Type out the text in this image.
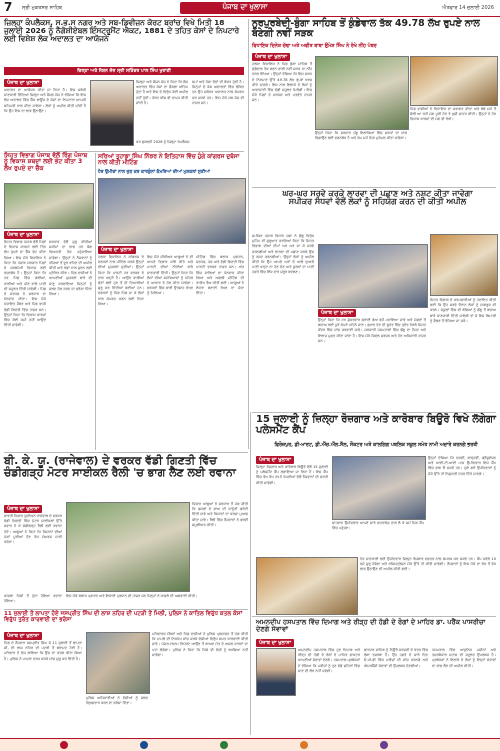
7 ਸ੍ਰੀ ਮੁਕਤਸਰ ਸਾਹਿਬ	ਪੰਜਾਬ ਦਾ ਖੁਲਾਸਾ	ਐਤਵਾਰ 14 ਜੁਲਾਈ 2026
ਜ਼ਿਲ੍ਹਾ ਕੰਪਲੈਕਸ, ਸ.ਭ.ਸ ਨਗਰ ਅਤੇ ਸਬ-ਡਿਵੀਜ਼ਨ ਕੋਰਟ ਬਰਾਂਚ ਵਿਖੇ ਮਿਤੀ 18 ਜੁਲਾਈ 2026 ਨੂੰ ਨੈਗੋਸ਼ੀਏਬਲ ਇੰਸਟ੍ਰੂਮੈਂਟ ਐਕਟ, 1881 ਦੇ ਤਹਿਤ ਕੇਸਾਂ ਦੇ ਨਿਪਟਾਰੇ ਲਈ ਵਿਸ਼ੇਸ਼ ਲੋਕ ਅਦਾਲਤ ਦਾ ਆਯੋਜਨ
ਜ਼ਿਲ੍ਹਾ ਅਤੇ ਸੈਸ਼ਨ ਜੱਜ ਸ੍ਰੀ ਸਤਿੰਦਰ ਪਾਲ ਸਿੰਘ ਖੁਰਾਣੀ
ਪੰਜਾਬ ਦਾ ਖੁਲਾਸਾ
ਅਦਾਲਤ ਦਾ ਆਯੋਜਨ ਕੀਤਾ ਜਾ ਰਿਹਾ ਹੈ। ਇਸ ਸਬੰਧੀ ਜਾਣਕਾਰੀ ਦਿੰਦਿਆਂ ਜ਼ਿਲ੍ਹਾ ਅਤੇ ਸੈਸ਼ਨ ਜੱਜ ਨੇ ਦੱਸਿਆ ਕਿ ਇਸ ਲੋਕ ਅਦਾਲਤ ਵਿੱਚ ਚੈੱਕ ਬਾਊਂਸ ਦੇ ਕੇਸਾਂ ਦਾ ਨਿਪਟਾਰਾ ਆਪਸੀ ਸਹਿਮਤੀ ਨਾਲ ਕੀਤਾ ਜਾਵੇਗਾ। ਲੋਕਾਂ ਨੂੰ ਅਪੀਲ ਕੀਤੀ ਜਾਂਦੀ ਹੈ ਕਿ ਉਹ ਇਸ ਦਾ ਲਾਭ ਉਠਾਉਣ।
ਕਰ ਬੁਕਲਨੀ 2026 ਨੂੰ ਜ਼ਿਲ੍ਹਾ ਕੰਪਲੈਕਸ
ਜ਼ਿਲ੍ਹਾ ਅਤੇ ਸੈਸ਼ਨ ਜੱਜ ਨੇ ਕਿਹਾ ਕਿ ਲੋਕ ਅਦਾਲਤ ਵਿੱਚ ਕੇਸਾਂ ਦਾ ਫ਼ੈਸਲਾ ਅੰਤਿਮ ਹੁੰਦਾ ਹੈ ਅਤੇ ਇਸ ਦੇ ਵਿਰੁੱਧ ਕੋਈ ਅਪੀਲ ਨਹੀਂ ਹੁੰਦੀ। ਕੋਰਟ ਫੀਸ ਵੀ ਵਾਪਸ ਕੀਤੀ ਜਾਂਦੀ ਹੈ।
ਸਮਾਂ ਅਤੇ ਪੈਸਾ ਦੋਵਾਂ ਦੀ ਬੱਚਤ ਹੁੰਦੀ ਹੈ। ਜਿਨ੍ਹਾਂ ਦੇ ਕੇਸ ਅਦਾਲਤਾਂ ਵਿੱਚ ਲੰਬਿਤ ਹਨ ਉਹ ਸਬੰਧਤ ਅਦਾਲਤ ਨਾਲ ਸੰਪਰਕ ਕਰ ਸਕਦੇ ਹਨ। ਇਸ ਮੌਕੇ ਸਬ ਜੱਜ ਵੀ ਹਾਜ਼ਰ ਸਨ।
ਸਿਹਤ ਵਿਭਾਗ ਪੰਜਾਬ ਵੱਲੋਂ ਰਿੰਗ ਪੰਜਾਬ ਨੂੰ ਵਿਕਾਸ ਸ਼ਬਦਾਂ ਲਈ ਭੇਟ ਕੀਤਾ 3 ਲੱਖ ਰੁਪਏ ਦਾ ਚੈੱਕ
ਪੰਜਾਬ ਦਾ ਖੁਲਾਸਾ
ਸਿਹਤ ਵਿਭਾਗ ਪੰਜਾਬ ਵੱਲੋਂ ਪਿੰਡਾਂ ਦੇ ਵਿਕਾਸ ਕਾਰਜਾਂ ਲਈ ਤਿੰਨ ਲੱਖ ਰੁਪਏ ਦਾ ਚੈੱਕ ਭੇਟ ਕੀਤਾ ਗਿਆ। ਇਸ ਮੌਕੇ ਵਿਧਾਇਕ ਨੇ ਕਿਹਾ ਕਿ ਪੰਜਾਬ ਸਰਕਾਰ ਪਿੰਡਾਂ ਦੇ ਸਰਬਪੱਖੀ ਵਿਕਾਸ ਲਈ ਵਚਨਬੱਧ ਹੈ। ਉਨ੍ਹਾਂ ਕਿਹਾ ਕਿ ਹਰ ਪਿੰਡ ਵਿੱਚ ਗਲੀਆਂ, ਨਾਲੀਆਂ ਅਤੇ ਪੀਣ ਵਾਲੇ ਪਾਣੀ ਦੀ ਸਹੂਲਤ ਦਿੱਤੀ ਜਾਵੇਗੀ। ਪਿੰਡ ਦੇ ਸਰਪੰਚ ਨੇ ਸਰਕਾਰ ਦਾ ਧੰਨਵਾਦ ਕੀਤਾ। ਇਸ ਮੌਕੇ ਪੰਚਾਇਤ ਮੈਂਬਰ ਅਤੇ ਪਿੰਡ ਵਾਸੀ ਵੱਡੀ ਗਿਣਤੀ ਵਿੱਚ ਹਾਜ਼ਰ ਸਨ। ਉਨ੍ਹਾਂ ਕਿਹਾ ਕਿ ਵਿਕਾਸ ਕਾਰਜਾਂ ਵਿੱਚ ਕੋਈ ਕਮੀ ਨਹੀਂ ਆਉਣ ਦਿੱਤੀ ਜਾਵੇਗੀ।
ਸਰਕਾਰ ਵੱਲੋਂ ਸ਼ੁਰੂ ਕੀਤੀਆਂ ਸਕੀਮਾਂ ਦਾ ਲਾਭ ਹਰ ਯੋਗ ਵਿਅਕਤੀ ਤੱਕ ਪਹੁੰਚਾਇਆ ਜਾਵੇਗਾ। ਉਨ੍ਹਾਂ ਨੇ ਨੌਜਵਾਨਾਂ ਨੂੰ ਨਸ਼ਿਆਂ ਤੋਂ ਦੂਰ ਰਹਿਣ ਦੀ ਅਪੀਲ ਕੀਤੀ ਅਤੇ ਖੇਡਾਂ ਨਾਲ ਜੁੜਨ ਲਈ ਪ੍ਰੇਰਿਤ ਕੀਤਾ। ਪਿੰਡ ਵਾਸੀਆਂ ਨੇ ਆਪਣੀਆਂ ਮੁਸ਼ਕਲਾਂ ਬਾਰੇ ਵੀ ਜਾਣੂ ਕਰਵਾਇਆ ਜਿਨ੍ਹਾਂ ਨੂੰ ਜਲਦ ਹੱਲ ਕਰਨ ਦਾ ਭਰੋਸਾ ਦਿੱਤਾ ਗਿਆ।
ਸਰਿਆਂ ਤੁਹਾਡਾ ਸਿੰਘ ਨਿੱਝਰ ਨੇ ਇਤਿਹਾਸ ਵਿੱਚ ਹੁੰਗੇ ਕਾਂਗਰਸ ਦੁਬੱਸਾ ਨਾਲ ਕੀਤੀ ਮੀਟਿੰਗ
ਹੋਰ ਉਮੀਦਾਂ ਨਾਲ ਜੁੜ ਕਰ ਕਾਰਕੁੰਨਾਂ ਕੈਮਰਿਆਂ ਦੀਆਂ ਮੁਸ਼ਕਲਾਂ ਸੁਣੀਆਂ
ਪੰਜਾਬ ਦਾ ਖੁਲਾਸਾ
ਹਲਕਾ ਵਿਧਾਇਕ ਨੇ ਕਾਂਗਰਸ ਦੇ ਵਰਕਰਾਂ ਨਾਲ ਮੀਟਿੰਗ ਕਰਕੇ ਉਨ੍ਹਾਂ ਦੀਆਂ ਮੁਸ਼ਕਲਾਂ ਸੁਣੀਆਂ। ਉਨ੍ਹਾਂ ਕਿਹਾ ਕਿ ਪਾਰਟੀ ਹਰ ਵਰਕਰ ਦੇ ਨਾਲ ਖੜ੍ਹੀ ਹੈ। ਆਉਣ ਵਾਲੀਆਂ ਚੋਣਾਂ ਲਈ ਹੁਣ ਤੋਂ ਹੀ ਤਿਆਰੀਆਂ ਸ਼ੁਰੂ ਕਰ ਦਿੱਤੀਆਂ ਗਈਆਂ ਹਨ। ਵਰਕਰਾਂ ਨੂੰ ਪਿੰਡ ਪਿੰਡ ਜਾ ਕੇ ਲੋਕਾਂ ਨਾਲ ਸੰਪਰਕ ਕਰਨ ਲਈ ਕਿਹਾ ਗਿਆ।
ਇਸ ਮੌਕੇ ਸੀਨੀਅਰ ਆਗੂਆਂ ਨੇ ਵੀ ਆਪਣੇ ਵਿਚਾਰ ਸਾਂਝੇ ਕੀਤੇ ਅਤੇ ਪਾਰਟੀ ਦੀਆਂ ਨੀਤੀਆਂ ਬਾਰੇ ਜਾਣਕਾਰੀ ਦਿੱਤੀ। ਉਨ੍ਹਾਂ ਕਿਹਾ ਕਿ ਲੋਕਾਂ ਦੀਆਂ ਸਮੱਸਿਆਵਾਂ ਨੂੰ ਪਹਿਲ ਦੇ ਆਧਾਰ ਤੇ ਹੱਲ ਕੀਤਾ ਜਾਵੇਗਾ। ਵਰਕਰਾਂ ਵਿੱਚ ਭਾਰੀ ਉਤਸ਼ਾਹ ਦੇਖਣ ਨੂੰ ਮਿਲਿਆ।
ਮੀਟਿੰਗ ਵਿੱਚ ਬਲਾਕ ਪ੍ਰਧਾਨ, ਸਰਪੰਚ, ਪੰਚ ਅਤੇ ਵੱਡੀ ਗਿਣਤੀ ਵਿੱਚ ਪਾਰਟੀ ਵਰਕਰ ਹਾਜ਼ਰ ਸਨ। ਅੰਤ ਵਿੱਚ ਸਾਰਿਆਂ ਦਾ ਧੰਨਵਾਦ ਕੀਤਾ ਗਿਆ ਅਤੇ ਅਗਲੀ ਮੀਟਿੰਗ ਦੀ ਤਾਰੀਖ ਤੈਅ ਕੀਤੀ ਗਈ। ਆਗੂਆਂ ਨੇ ਏਕਤਾ ਬਣਾਈ ਰੱਖਣ ਦਾ ਸੱਦਾ ਦਿੱਤਾ।
ਨੂਰਪੁਰਬੇਦੀ-ਬੁੰਗਾ ਸਾਹਿਬ ਤੋਂ ਕੁੰਡੇਵਾਲ ਤੱਕ 49.78 ਲੱਖ ਰੁਪਏ ਨਾਲ ਬਣੇਗੀ ਨਵੀਂ ਸੜਕ
ਵਿਧਾਇਕ ਦਿਨੇਸ਼ ਚੱਢਾ ਅਤੇ ਅਵੀਤ ਬਾਬਾ ਉਮੇਸ਼ ਸਿੰਘ ਨੇ ਰੱਖੇ ਨੀਂਹ ਪੱਥਰ
ਪੰਜਾਬ ਦਾ ਖੁਲਾਸਾ
ਹਲਕਾ ਵਿਧਾਇਕ ਨੇ ਪਿੰਡ ਬੁੰਗਾ ਸਾਹਿਬ ਤੋਂ ਕੁੰਡੇਵਾਲ ਤੱਕ ਬਣਨ ਵਾਲੀ ਨਵੀਂ ਸੜਕ ਦਾ ਨੀਂਹ ਪੱਥਰ ਰੱਖਿਆ। ਉਨ੍ਹਾਂ ਦੱਸਿਆ ਕਿ ਇਸ ਸੜਕ ਦੇ ਨਿਰਮਾਣ ਉੱਤੇ 49.78 ਲੱਖ ਰੁਪਏ ਖਰਚ ਕੀਤੇ ਜਾਣਗੇ। ਇਸ ਨਾਲ ਇਲਾਕੇ ਦੇ ਲੋਕਾਂ ਨੂੰ ਆਵਾਜਾਈ ਵਿੱਚ ਵੱਡੀ ਸਹੂਲਤ ਮਿਲੇਗੀ। ਇਸ ਮੌਕੇ ਪਿੰਡਾਂ ਦੇ ਸਰਪੰਚ ਅਤੇ ਪਤਵੰਤੇ ਹਾਜ਼ਰ ਸਨ।
ਉਨ੍ਹਾਂ ਕਿਹਾ ਕਿ ਸਰਕਾਰ ਪੇਂਡੂ ਇਲਾਕਿਆਂ ਵਿੱਚ ਸੜਕਾਂ ਦਾ ਜਾਲ ਵਿਛਾਉਣ ਲਈ ਵਚਨਬੱਧ ਹੈ ਅਤੇ ਕੰਮ ਸਮੇਂ ਸਿਰ ਮੁਕੰਮਲ ਕੀਤਾ ਜਾਵੇਗਾ।
ਪਿੰਡ ਵਾਸੀਆਂ ਨੇ ਵਿਧਾਇਕ ਦਾ ਸਵਾਗਤ ਕੀਤਾ ਅਤੇ ਲੰਬੇ ਸਮੇਂ ਤੋਂ ਚੱਲੀ ਆ ਰਹੀ ਮੰਗ ਪੂਰੀ ਹੋਣ ਤੇ ਖੁਸ਼ੀ ਜ਼ਾਹਰ ਕੀਤੀ। ਉਨ੍ਹਾਂ ਨੇ ਹੋਰ ਵਿਕਾਸ ਕਾਰਜਾਂ ਦੀ ਮੰਗ ਵੀ ਰੱਖੀ।
ਘਰ-ਘਰ ਸਰਵੇ ਕਰਕੇ ਲਾਰਵਾ ਦੀ ਪਛਾਣ ਅਤੇ ਨਸ਼ਟ ਕੀਤਾ ਜਾਵੇਗਾ ਸਪੀਕਰ ਸੰਧਵਾਂ ਵੱਲੋਂ ਲੋਕਾਂ ਨੂੰ ਸਹਿਯੋਗ ਕਰਨ ਦੀ ਕੀਤੀ ਅਪੀਲ
ਪੰਜਾਬ ਦਾ ਖੁਲਾਸਾ
ਸਪੀਕਰ ਪੰਜਾਬ ਵਿਧਾਨ ਸਭਾ ਨੇ ਡੇਂਗੂ ਵਿਰੁੱਧ ਮੁਹਿੰਮ ਦੀ ਸ਼ੁਰੂਆਤ ਕਰਦਿਆਂ ਕਿਹਾ ਕਿ ਸਿਹਤ ਵਿਭਾਗ ਦੀਆਂ ਟੀਮਾਂ ਘਰ ਘਰ ਜਾ ਕੇ ਸਰਵੇ ਕਰਨਗੀਆਂ ਅਤੇ ਲਾਰਵਾ ਦੀ ਪਛਾਣ ਕਰਕੇ ਉਸ ਨੂੰ ਨਸ਼ਟ ਕਰਨਗੀਆਂ। ਉਨ੍ਹਾਂ ਲੋਕਾਂ ਨੂੰ ਅਪੀਲ ਕੀਤੀ ਕਿ ਉਹ ਆਪਣੇ ਘਰਾਂ ਦੇ ਆਲੇ ਦੁਆਲੇ ਪਾਣੀ ਖੜ੍ਹਾ ਨਾ ਹੋਣ ਦੇਣ ਅਤੇ ਕੂਲਰਾਂ ਦਾ ਪਾਣੀ ਹਫ਼ਤੇ ਵਿੱਚ ਇੱਕ ਵਾਰ ਜ਼ਰੂਰ ਬਦਲਣ।
ਉਨ੍ਹਾਂ ਕਿਹਾ ਕਿ ਹਰ ਸ਼ੁੱਕਰਵਾਰ ਡਰਾਈ ਡੇਅ ਵਜੋਂ ਮਨਾਇਆ ਜਾਵੇ ਅਤੇ ਮੱਛਰਾਂ ਤੋਂ ਬਚਾਅ ਲਈ ਪੂਰੇ ਕੱਪੜੇ ਪਹਿਨੇ ਜਾਣ। ਬੁਖਾਰ ਹੋਣ ਦੀ ਸੂਰਤ ਵਿੱਚ ਤੁਰੰਤ ਨੇੜਲੇ ਸਿਹਤ ਕੇਂਦਰ ਵਿੱਚ ਜਾਂਚ ਕਰਵਾਈ ਜਾਵੇ। ਸਰਕਾਰੀ ਹਸਪਤਾਲਾਂ ਵਿੱਚ ਡੇਂਗੂ ਦਾ ਟੈਸਟ ਅਤੇ ਇਲਾਜ ਮੁਫ਼ਤ ਕੀਤਾ ਜਾਂਦਾ ਹੈ। ਇਸ ਮੌਕੇ ਸਿਵਲ ਸਰਜਨ ਅਤੇ ਹੋਰ ਅਧਿਕਾਰੀ ਹਾਜ਼ਰ ਸਨ।
ਸਿਹਤ ਵਿਭਾਗ ਦੇ ਕਰਮਚਾਰੀਆਂ ਨੂੰ ਹਦਾਇਤ ਕੀਤੀ ਗਈ ਕਿ ਉਹ ਸਰਵੇ ਦੌਰਾਨ ਲੋਕਾਂ ਨੂੰ ਜਾਗਰੂਕ ਵੀ ਕਰਨ। ਸਕੂਲਾਂ ਵਿੱਚ ਵੀ ਬੱਚਿਆਂ ਨੂੰ ਡੇਂਗੂ ਤੋਂ ਬਚਾਅ ਬਾਰੇ ਜਾਣਕਾਰੀ ਦਿੱਤੀ ਜਾਵੇਗੀ ਤਾਂ ਜੋ ਇਸ ਬਿਮਾਰੀ ਨੂੰ ਫੈਲਣ ਤੋਂ ਰੋਕਿਆ ਜਾ ਸਕੇ।
ਬੀ. ਕੇ. ਯੂ. (ਰਾਜੇਵਾਲ) ਦੇ ਵਰਕਰ ਵੱਡੀ ਗਿਣਤੀ ਵਿੱਚ ਚੰਡੀਗੜ੍ਹ ਮੋਟਰ ਸਾਈਕਲ ਰੈਲੀ 'ਚ ਭਾਗ ਲੈਣ ਲਈ ਰਵਾਨਾ
ਪੰਜਾਬ ਦਾ ਖੁਲਾਸਾ
ਭਾਰਤੀ ਕਿਸਾਨ ਯੂਨੀਅਨ ਰਾਜੇਵਾਲ ਦੇ ਵਰਕਰ ਵੱਡੀ ਗਿਣਤੀ ਵਿੱਚ ਮੋਟਰ ਸਾਈਕਲਾਂ ਉੱਤੇ ਸਵਾਰ ਹੋ ਕੇ ਚੰਡੀਗੜ੍ਹ ਰੈਲੀ ਲਈ ਰਵਾਨਾ ਹੋਏ। ਆਗੂਆਂ ਨੇ ਕਿਹਾ ਕਿ ਕਿਸਾਨਾਂ ਦੀਆਂ ਮੰਗਾਂ ਪੂਰੀਆਂ ਹੋਣ ਤੱਕ ਸੰਘਰਸ਼ ਜਾਰੀ ਰਹੇਗਾ।
ਕਿਸਾਨ ਆਗੂਆਂ ਨੇ ਸਰਕਾਰ ਤੋਂ ਮੰਗ ਕੀਤੀ ਕਿ ਫ਼ਸਲਾਂ ਦੇ ਭਾਅ ਦੀ ਕਾਨੂੰਨੀ ਗਰੰਟੀ ਦਿੱਤੀ ਜਾਵੇ ਅਤੇ ਕਿਸਾਨਾਂ ਦਾ ਕਰਜ਼ਾ ਮੁਆਫ਼ ਕੀਤਾ ਜਾਵੇ। ਰੈਲੀ ਵਿੱਚ ਨੌਜਵਾਨਾਂ ਨੇ ਭਰਵੀਂ ਸ਼ਮੂਲੀਅਤ ਕੀਤੀ।
ਇਸ ਮੌਕੇ ਬਲਾਕ ਪ੍ਰਧਾਨ ਅਤੇ ਇਕਾਈ ਪ੍ਰਧਾਨ ਵੀ ਹਾਜ਼ਰ ਸਨ ਜਿਨ੍ਹਾਂ ਨੇ ਕਾਫ਼ਲੇ ਦੀ ਅਗਵਾਈ ਕੀਤੀ।
ਕਾਫ਼ਲਾ ਪਿੰਡਾਂ ਤੋਂ ਹੁੰਦਾ ਹੋਇਆ ਰਵਾਨਾ ਹੋਇਆ।
11 ਜੁਲਾਈ ਤੋਂ ਲਾਪਤਾ ਹੋਏ ਜਸਪ੍ਰੀਤ ਸਿੰਘ ਦੀ ਲਾਸ਼ ਨਹਿਰ ਦੀ ਪਟੜੀ ਤੋਂ ਮਿਲੀ, ਪੁਲਿਸ ਨੇ ਕਾਤਿਲ ਵਿਰੁੱਧ ਕਤਲ ਕੇਸਾਂ ਵਿਰੁੱਧ ਤੁਰੰਤ ਕਾਰਵਾਈ ਦਾ ਭਰੋਸਾ
ਪੰਜਾਬ ਦਾ ਖੁਲਾਸਾ
ਪਿੰਡ ਦੇ ਨੌਜਵਾਨ ਜਸਪ੍ਰੀਤ ਸਿੰਘ ਜੋ 11 ਜੁਲਾਈ ਤੋਂ ਲਾਪਤਾ ਸੀ, ਦੀ ਲਾਸ਼ ਨਹਿਰ ਦੀ ਪਟੜੀ ਤੋਂ ਬਰਾਮਦ ਹੋਈ ਹੈ। ਪਰਿਵਾਰ ਨੇ ਦੋਸ਼ ਲਾਇਆ ਕਿ ਉਸ ਦਾ ਕਤਲ ਕੀਤਾ ਗਿਆ ਹੈ। ਪੁਲਿਸ ਨੇ ਮਾਮਲਾ ਦਰਜ ਕਰਕੇ ਜਾਂਚ ਸ਼ੁਰੂ ਕਰ ਦਿੱਤੀ ਹੈ।
ਪੁਲਿਸ ਅਧਿਕਾਰੀਆਂ ਨੇ ਦੋਸ਼ੀਆਂ ਨੂੰ ਜਲਦ ਗ੍ਰਿਫ਼ਤਾਰ ਕਰਨ ਦਾ ਭਰੋਸਾ ਦਿੱਤਾ।
ਪਰਿਵਾਰਕ ਮੈਂਬਰਾਂ ਅਤੇ ਪਿੰਡ ਵਾਸੀਆਂ ਨੇ ਪੁਲਿਸ ਪ੍ਰਸ਼ਾਸਨ ਤੋਂ ਮੰਗ ਕੀਤੀ ਕਿ ਮਾਮਲੇ ਦੀ ਨਿਰਪੱਖ ਜਾਂਚ ਕਰਕੇ ਦੋਸ਼ੀਆਂ ਵਿਰੁੱਧ ਸਖ਼ਤ ਕਾਰਵਾਈ ਕੀਤੀ ਜਾਵੇ। ਪੋਸਟਮਾਰਟਮ ਰਿਪੋਰਟ ਆਉਣ ਤੋਂ ਬਾਅਦ ਮੌਤ ਦੇ ਅਸਲ ਕਾਰਨਾਂ ਦਾ ਪਤਾ ਲੱਗੇਗਾ। ਪੁਲਿਸ ਨੇ ਕਿਹਾ ਕਿ ਕਿਸੇ ਵੀ ਦੋਸ਼ੀ ਨੂੰ ਬਖਸ਼ਿਆ ਨਹੀਂ ਜਾਵੇਗਾ।
15 ਜੁਲਾਈ ਨੂੰ ਜ਼ਿਲ੍ਹਾ ਰੋਜ਼ਗਾਰ ਅਤੇ ਕਾਰੋਬਾਰ ਬਿਊਰੋ ਵਿਖੇ ਲੱਗੇਗਾ ਪਲੇਸਮੈਂਟ ਕੈਂਪ
ਫਿਰੋਜ਼ਪੁਰ, ਡੀ-ਮਾਰਟ, ਡੀ.ਐੱਚ.ਐੱਲ.ਸੈੱਲ, ਸੌਕਟਰ ਅਤੇ ਕਾਲਗਿਗ ਪਬਲਿਕ ਸਕੂਲ ਸਮੇਤ ਨਾਮੀ ਅਦਾਰੇ ਕਰਨਗੇ ਭਰਤੀ
ਪੰਜਾਬ ਦਾ ਖੁਲਾਸਾ
ਜ਼ਿਲ੍ਹਾ ਰੋਜ਼ਗਾਰ ਅਤੇ ਕਾਰੋਬਾਰ ਬਿਊਰੋ ਵੱਲੋਂ 15 ਜੁਲਾਈ ਨੂੰ ਪਲੇਸਮੈਂਟ ਕੈਂਪ ਲਗਾਇਆ ਜਾ ਰਿਹਾ ਹੈ। ਇਸ ਕੈਂਪ ਵਿੱਚ ਵੱਖ ਵੱਖ ਨਾਮੀ ਕੰਪਨੀਆਂ ਵੱਲੋਂ ਨੌਜਵਾਨਾਂ ਦੀ ਭਰਤੀ ਕੀਤੀ ਜਾਵੇਗੀ।
ਚਾਹਵਾਨ ਉਮੀਦਵਾਰ ਆਪਣੇ ਸਾਰੇ ਦਸਤਾਵੇਜ਼ ਨਾਲ ਲੈ ਕੇ ਸਮੇਂ ਸਿਰ ਕੈਂਪ ਵਿੱਚ ਪਹੁੰਚਣ।
ਉਨ੍ਹਾਂ ਦੱਸਿਆ ਕਿ ਦਸਵੀਂ, ਬਾਰ੍ਹਵੀਂ, ਗ੍ਰੈਜੂਏਸ਼ਨ ਅਤੇ ਆਈ.ਟੀ.ਆਈ ਪਾਸ ਉਮੀਦਵਾਰ ਇਸ ਕੈਂਪ ਵਿੱਚ ਭਾਗ ਲੈ ਸਕਦੇ ਹਨ। ਚੁਣੇ ਗਏ ਉਮੀਦਵਾਰਾਂ ਨੂੰ ਮੌਕੇ ਉੱਤੇ ਹੀ ਨਿਯੁਕਤੀ ਪੱਤਰ ਦਿੱਤੇ ਜਾਣਗੇ।
ਹੋਰ ਜਾਣਕਾਰੀ ਲਈ ਉਮੀਦਵਾਰ ਜ਼ਿਲ੍ਹਾ ਰੋਜ਼ਗਾਰ ਦਫ਼ਤਰ ਨਾਲ ਸੰਪਰਕ ਕਰ ਸਕਦੇ ਹਨ। ਕੈਂਪ ਸਵੇਰੇ 10 ਵਜੇ ਸ਼ੁਰੂ ਹੋਵੇਗਾ ਅਤੇ ਰਜਿਸਟ੍ਰੇਸ਼ਨ ਮੌਕੇ ਉੱਤੇ ਹੀ ਕੀਤੀ ਜਾਵੇਗੀ। ਨੌਜਵਾਨਾਂ ਨੂੰ ਇਸ ਮੌਕੇ ਦਾ ਵੱਧ ਤੋਂ ਵੱਧ ਲਾਭ ਉਠਾਉਣ ਦੀ ਅਪੀਲ ਕੀਤੀ ਗਈ।
ਅਮਨਦੀਪ ਹਸਪਤਾਲ ਵਿੱਚ ਦਿਮਾਗ ਅਤੇ ਰੀੜ੍ਹ ਦੀ ਹੱਡੀ ਦੇ ਰੋਗਾਂ ਦੇ ਮਾਹਿਰ ਡਾ. ਪਰੈਂਕ ਪਾਸਰੀਚਾ ਦੇਣਗੇ ਸੇਵਾਵਾਂ
ਪੰਜਾਬ ਦਾ ਖੁਲਾਸਾ
ਅਮਨਦੀਪ ਹਸਪਤਾਲ ਵਿੱਚ ਹੁਣ ਦਿਮਾਗ ਅਤੇ ਰੀੜ੍ਹ ਦੀ ਹੱਡੀ ਦੇ ਰੋਗਾਂ ਦੇ ਮਾਹਿਰ ਡਾਕਟਰ ਆਪਣੀਆਂ ਸੇਵਾਵਾਂ ਦੇਣਗੇ। ਹਸਪਤਾਲ ਪ੍ਰਬੰਧਕਾਂ ਨੇ ਦੱਸਿਆ ਕਿ ਮਰੀਜ਼ਾਂ ਨੂੰ ਹੁਣ ਵੱਡੇ ਸ਼ਹਿਰਾਂ ਵਿੱਚ ਜਾਣ ਦੀ ਲੋੜ ਨਹੀਂ ਪਵੇਗੀ।
ਡਾਕਟਰ ਸਾਹਿਬ ਨੂੰ ਨਿਊਰੋ ਸਰਜਰੀ ਦੇ ਖੇਤਰ ਵਿੱਚ ਲੰਬਾ ਤਜ਼ਰਬਾ ਹੈ। ਉਹ ਹਫ਼ਤੇ ਦੇ ਸਾਰੇ ਦਿਨ ਓ.ਪੀ.ਡੀ ਵਿੱਚ ਮਰੀਜ਼ਾਂ ਦੀ ਜਾਂਚ ਕਰਨਗੇ ਅਤੇ ਐਮਰਜੈਂਸੀ ਸੇਵਾਵਾਂ ਵੀ ਉਪਲਬਧ ਹੋਣਗੀਆਂ।
ਹਸਪਤਾਲ ਵਿੱਚ ਆਧੁਨਿਕ ਮਸ਼ੀਨਾਂ ਅਤੇ ਤਜ਼ਰਬੇਕਾਰ ਸਟਾਫ਼ ਦੀ ਸਹੂਲਤ ਉਪਲਬਧ ਹੈ। ਪ੍ਰਬੰਧਕਾਂ ਨੇ ਇਲਾਕੇ ਦੇ ਲੋਕਾਂ ਨੂੰ ਇਨ੍ਹਾਂ ਸੇਵਾਵਾਂ ਦਾ ਲਾਭ ਲੈਣ ਦੀ ਅਪੀਲ ਕੀਤੀ।
